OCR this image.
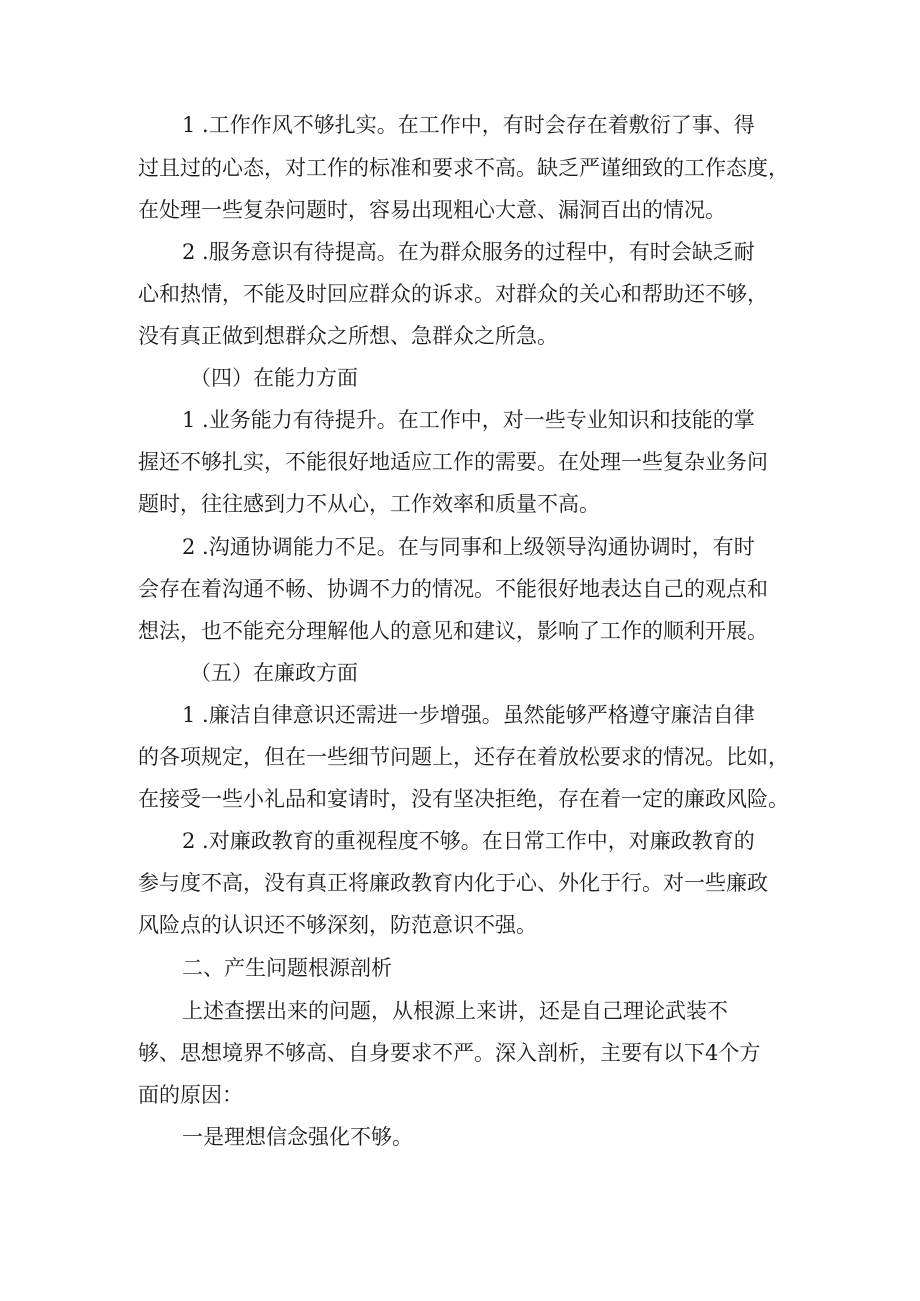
1 .工作作风不够扎实。在工作中，有时会存在着敷衍了事、得
过且过的心态，对工作的标准和要求不高。缺乏严谨细致的工作态度，
在处理一些复杂问题时，容易出现粗心大意、漏洞百出的情况。
2 .服务意识有待提高。在为群众服务的过程中，有时会缺乏耐
心和热情，不能及时回应群众的诉求。对群众的关心和帮助还不够，
没有真正做到想群众之所想、急群众之所急。
（四）在能力方面
1 .业务能力有待提升。在工作中，对一些专业知识和技能的掌
握还不够扎实，不能很好地适应工作的需要。在处理一些复杂业务问
题时，往往感到力不从心，工作效率和质量不高。
2 .沟通协调能力不足。在与同事和上级领导沟通协调时，有时
会存在着沟通不畅、协调不力的情况。不能很好地表达自己的观点和
想法，也不能充分理解他人的意见和建议，影响了工作的顺利开展。
（五）在廉政方面
1 .廉洁自律意识还需进一步增强。虽然能够严格遵守廉洁自律
的各项规定，但在一些细节问题上，还存在着放松要求的情况。比如，
在接受一些小礼品和宴请时，没有坚决拒绝，存在着一定的廉政风险。
2 .对廉政教育的重视程度不够。在日常工作中，对廉政教育的
参与度不高，没有真正将廉政教育内化于心、外化于行。对一些廉政
风险点的认识还不够深刻，防范意识不强。
二、产生问题根源剖析
上述查摆出来的问题，从根源上来讲，还是自己理论武装不
够、思想境界不够高、自身要求不严。深入剖析，主要有以下4个方
面的原因：
一是理想信念强化不够。
